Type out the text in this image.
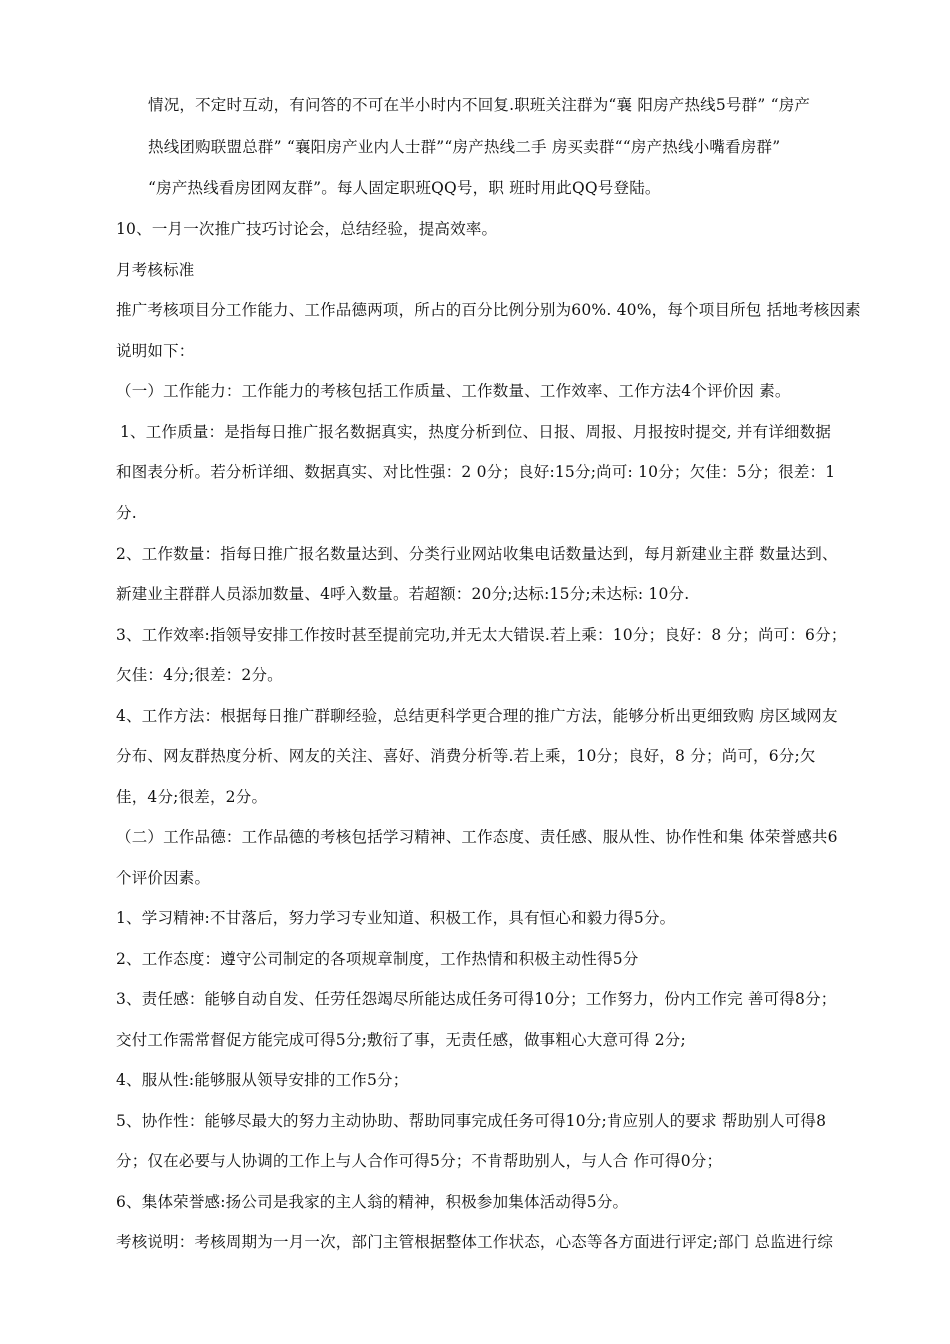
情况，不定时互动，有问答的不可在半小时内不回复.职班关注群为“襄 阳房产热线5号群” “房产
热线团购联盟总群” “襄阳房产业内人士群”“房产热线二手 房买卖群““房产热线小嘴看房群”
“房产热线看房团网友群”。每人固定职班QQ号，职 班时用此QQ号登陆。
10、一月一次推广技巧讨论会，总结经验，提高效率。
月考核标准
推广考核项目分工作能力、工作品德两项，所占的百分比例分别为60%. 40%，每个项目所包 括地考核因素
说明如下：
（一）工作能力：工作能力的考核包括工作质量、工作数量、工作效率、工作方法4个评价因 素。
1、工作质量：是指每日推广报名数据真实，热度分析到位、日报、周报、月报按时提交, 并有详细数据
和图表分析。若分析详细、数据真实、对比性强：2 0分；良好:15分;尚可: 10分；欠佳：5分；很差：1
分.
2、工作数量：指每日推广报名数量达到、分类行业网站收集电话数量达到，每月新建业主群 数量达到、
新建业主群群人员添加数量、4呼入数量。若超额：20分;达标:15分;未达标: 10分.
3、工作效率:指领导安排工作按时甚至提前完功,并无太大错误.若上乘：10分；良好：8 分；尚可：6分；
欠佳：4分;很差：2分。
4、工作方法：根据每日推广群聊经验，总结更科学更合理的推广方法，能够分析出更细致购 房区域网友
分布、网友群热度分析、网友的关注、喜好、消费分析等.若上乘，10分；良好，8 分；尚可，6分;欠
佳，4分;很差，2分。
（二）工作品德：工作品德的考核包括学习精神、工作态度、责任感、服从性、协作性和集 体荣誉感共6
个评价因素。
1、学习精神:不甘落后，努力学习专业知道、积极工作，具有恒心和毅力得5分。
2、工作态度：遵守公司制定的各项规章制度，工作热情和积极主动性得5分
3、责任感：能够自动自发、任劳任怨竭尽所能达成任务可得10分；工作努力，份内工作完 善可得8分；
交付工作需常督促方能完成可得5分;敷衍了事，无责任感，做事粗心大意可得 2分;
4、服从性:能够服从领导安排的工作5分；
5、协作性：能够尽最大的努力主动协助、帮助同事完成任务可得10分;肯应别人的要求 帮助别人可得8
分；仅在必要与人协调的工作上与人合作可得5分；不肯帮助别人，与人合 作可得0分；
6、集体荣誉感:扬公司是我家的主人翁的精神，积极参加集体活动得5分。
考核说明：考核周期为一月一次，部门主管根据整体工作状态，心态等各方面进行评定;部门 总监进行综
